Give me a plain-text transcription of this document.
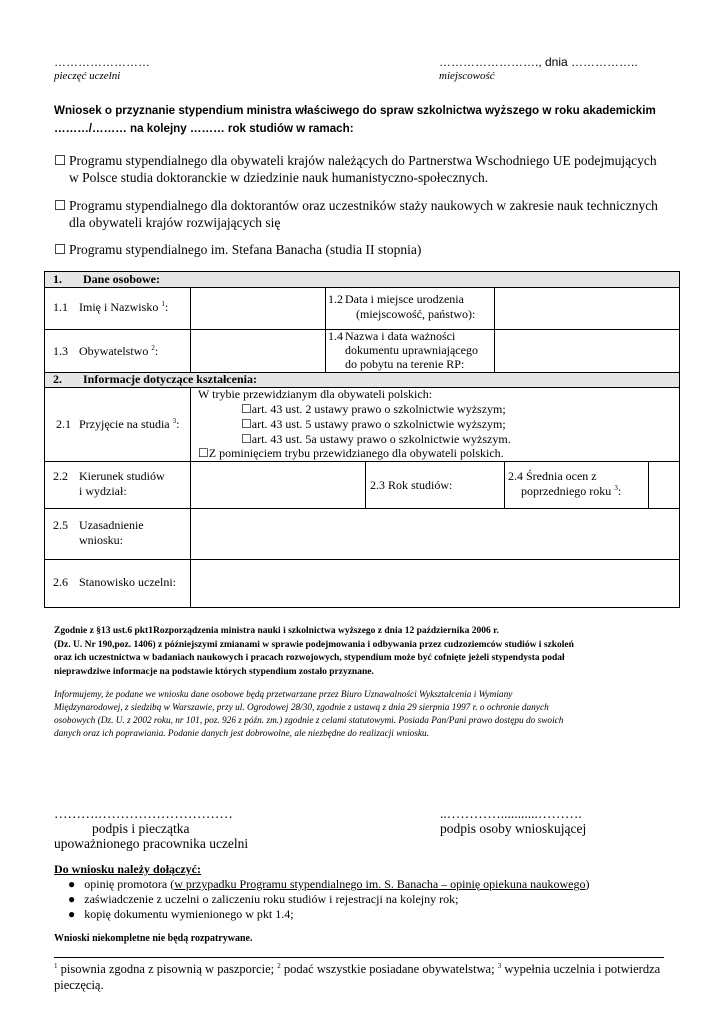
……………………
pieczęć uczelni
……………………., dnia ……………..
miejscowość
Wniosek o przyznanie stypendium ministra właściwego do spraw szkolnictwa wyższego w roku akademickim
………/……… na kolejny ……… rok studiów w ramach:
☐ Programu stypendialnego dla obywateli krajów należących do Partnerstwa Wschodniego UE podejmujących
w Polsce studia doktoranckie w dziedzinie nauk humanistyczno-społecznych.
☐ Programu stypendialnego dla doktorantów oraz uczestników staży naukowych w zakresie nauk technicznych
dla obywateli krajów rozwijających się
☐ Programu stypendialnego im. Stefana Banacha (studia II stopnia)
1. Dane osobowe:
1.1 Imię i Nazwisko $^1$:
1.2 Data i miejsce urodzenia
(miejscowość, państwo):
1.3 Obywatelstwo $^2$:
1.4 Nazwa i data ważności
dokumentu uprawniającego
do pobytu na terenie RP:
2. Informacje dotyczące kształcenia:
2.1 Przyjęcie na studia $^3$:
W trybie przewidzianym dla obywateli polskich:
☐art. 43 ust. 2 ustawy prawo o szkolnictwie wyższym;
☐art. 43 ust. 5 ustawy prawo o szkolnictwie wyższym;
☐art. 43 ust. 5a ustawy prawo o szkolnictwie wyższym.
☐Z pominięciem trybu przewidzianego dla obywateli polskich.
2.2 Kierunek studiów
i wydział:	2.3 Rok studiów:
2.4 Średnia ocen z
poprzedniego roku $^3$:
2.5 Uzasadnienie
wniosku:
2.6 Stanowisko uczelni:
Zgodnie z §13 ust.6 pkt1Rozporządzenia ministra nauki i szkolnictwa wyższego z dnia 12 października 2006 r.
(Dz. U. Nr 190,poz. 1406) z późniejszymi zmianami w sprawie podejmowania i odbywania przez cudzoziemców studiów i szkoleń
oraz ich uczestnictwa w badaniach naukowych i pracach rozwojowych, stypendium może być cofnięte jeżeli stypendysta podał
nieprawdziwe informacje na podstawie których stypendium zostało przyznane.
Informujemy, że podane we wniosku dane osobowe będą przetwarzane przez Biuro Uznawalności Wykształcenia i Wymiany
Międzynarodowej, z siedzibą w Warszawie, przy ul. Ogrodowej 28/30, zgodnie z ustawą z dnia 29 sierpnia 1997 r. o ochronie danych
osobowych (Dz. U. z 2002 roku, nr 101, poz. 926 z późn. zm.) zgodnie z celami statutowymi. Posiada Pan/Pani prawo dostępu do swoich
danych oraz ich poprawiania. Podanie danych jest dobrowolne, ale niezbędne do realizacji wniosku.
……….…………………………
podpis i pieczątka
upoważnionego pracownika uczelni
..…………...........……….
podpis osoby wnioskującej
Do wniosku należy dołączyć:
● opinię promotora (w przypadku Programu stypendialnego im. S. Banacha – opinię opiekuna naukowego)
● zaświadczenie z uczelni o zaliczeniu roku studiów i rejestracji na kolejny rok;
● kopię dokumentu wymienionego w pkt 1.4;
Wnioski niekompletne nie będą rozpatrywane.
$^1$ pisownia zgodna z pisownią w paszporcie; $^2$ podać wszystkie posiadane obywatelstwa; $^3$ wypełnia uczelnia i potwierdza
pieczęcią.
